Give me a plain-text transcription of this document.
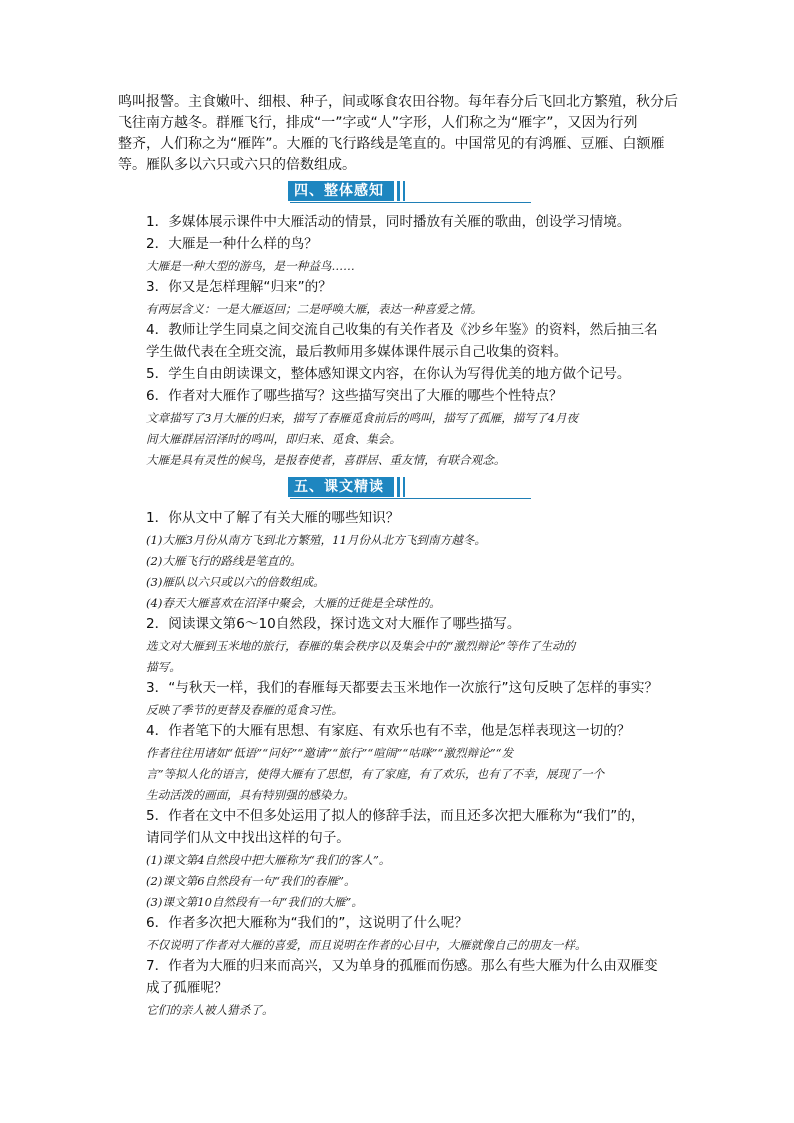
鸣叫报警。主食嫩叶、细根、种子，间或啄食农田谷物。每年春分后飞回北方繁殖，秋分后

飞往南方越冬。群雁飞行，排成“一”字或“人”字形，人们称之为“雁字”，又因为行列

整齐，人们称之为“雁阵”。大雁的飞行路线是笔直的。中国常见的有鸿雁、豆雁、白额雁

等。雁队多以六只或六只的倍数组成。

四、整体感知

1．多媒体展示课件中大雁活动的情景，同时播放有关雁的歌曲，创设学习情境。

2．大雁是一种什么样的鸟？

大雁是一种大型的游鸟，是一种益鸟……

3．你又是怎样理解“归来”的？

有两层含义：一是大雁返回；二是呼唤大雁，表达一种喜爱之情。

4．教师让学生同桌之间交流自己收集的有关作者及《沙乡年鉴》的资料，然后抽三名

学生做代表在全班交流，最后教师用多媒体课件展示自己收集的资料。

5．学生自由朗读课文，整体感知课文内容，在你认为写得优美的地方做个记号。

6．作者对大雁作了哪些描写？这些描写突出了大雁的哪些个性特点？

文章描写了3月大雁的归来，描写了春雁觅食前后的鸣叫，描写了孤雁，描写了4月夜

间大雁群居沼泽时的鸣叫，即归来、觅食、集会。

大雁是具有灵性的候鸟，是报春使者，喜群居、重友情，有联合观念。

五、课文精读

1．你从文中了解了有关大雁的哪些知识？

(1)大雁3月份从南方飞到北方繁殖，11月份从北方飞到南方越冬。

(2)大雁飞行的路线是笔直的。

(3)雁队以六只或以六的倍数组成。

(4)春天大雁喜欢在沼泽中聚会，大雁的迁徙是全球性的。

2．阅读课文第6～10自然段，探讨选文对大雁作了哪些描写。

选文对大雁到玉米地的旅行，春雁的集会秩序以及集会中的“激烈辩论”等作了生动的

描写。

3．“与秋天一样，我们的春雁每天都要去玉米地作一次旅行”这句反映了怎样的事实？

反映了季节的更替及春雁的觅食习性。

4．作者笔下的大雁有思想、有家庭、有欢乐也有不幸，他是怎样表现这一切的？

作者往往用诸如“低语”“问好”“邀请”“旅行”“喧闹”“咕咪”“激烈辩论”“发

言”等拟人化的语言，使得大雁有了思想，有了家庭，有了欢乐，也有了不幸，展现了一个

生动活泼的画面，具有特别强的感染力。

5．作者在文中不但多处运用了拟人的修辞手法，而且还多次把大雁称为“我们”的，

请同学们从文中找出这样的句子。

(1)课文第4自然段中把大雁称为“我们的客人”。

(2)课文第6自然段有一句“我们的春雁”。

(3)课文第10自然段有一句“我们的大雁”。

6．作者多次把大雁称为“我们的”，这说明了什么呢？

不仅说明了作者对大雁的喜爱，而且说明在作者的心目中，大雁就像自己的朋友一样。

7．作者为大雁的归来而高兴，又为单身的孤雁而伤感。那么有些大雁为什么由双雁变

成了孤雁呢？

它们的亲人被人猎杀了。
